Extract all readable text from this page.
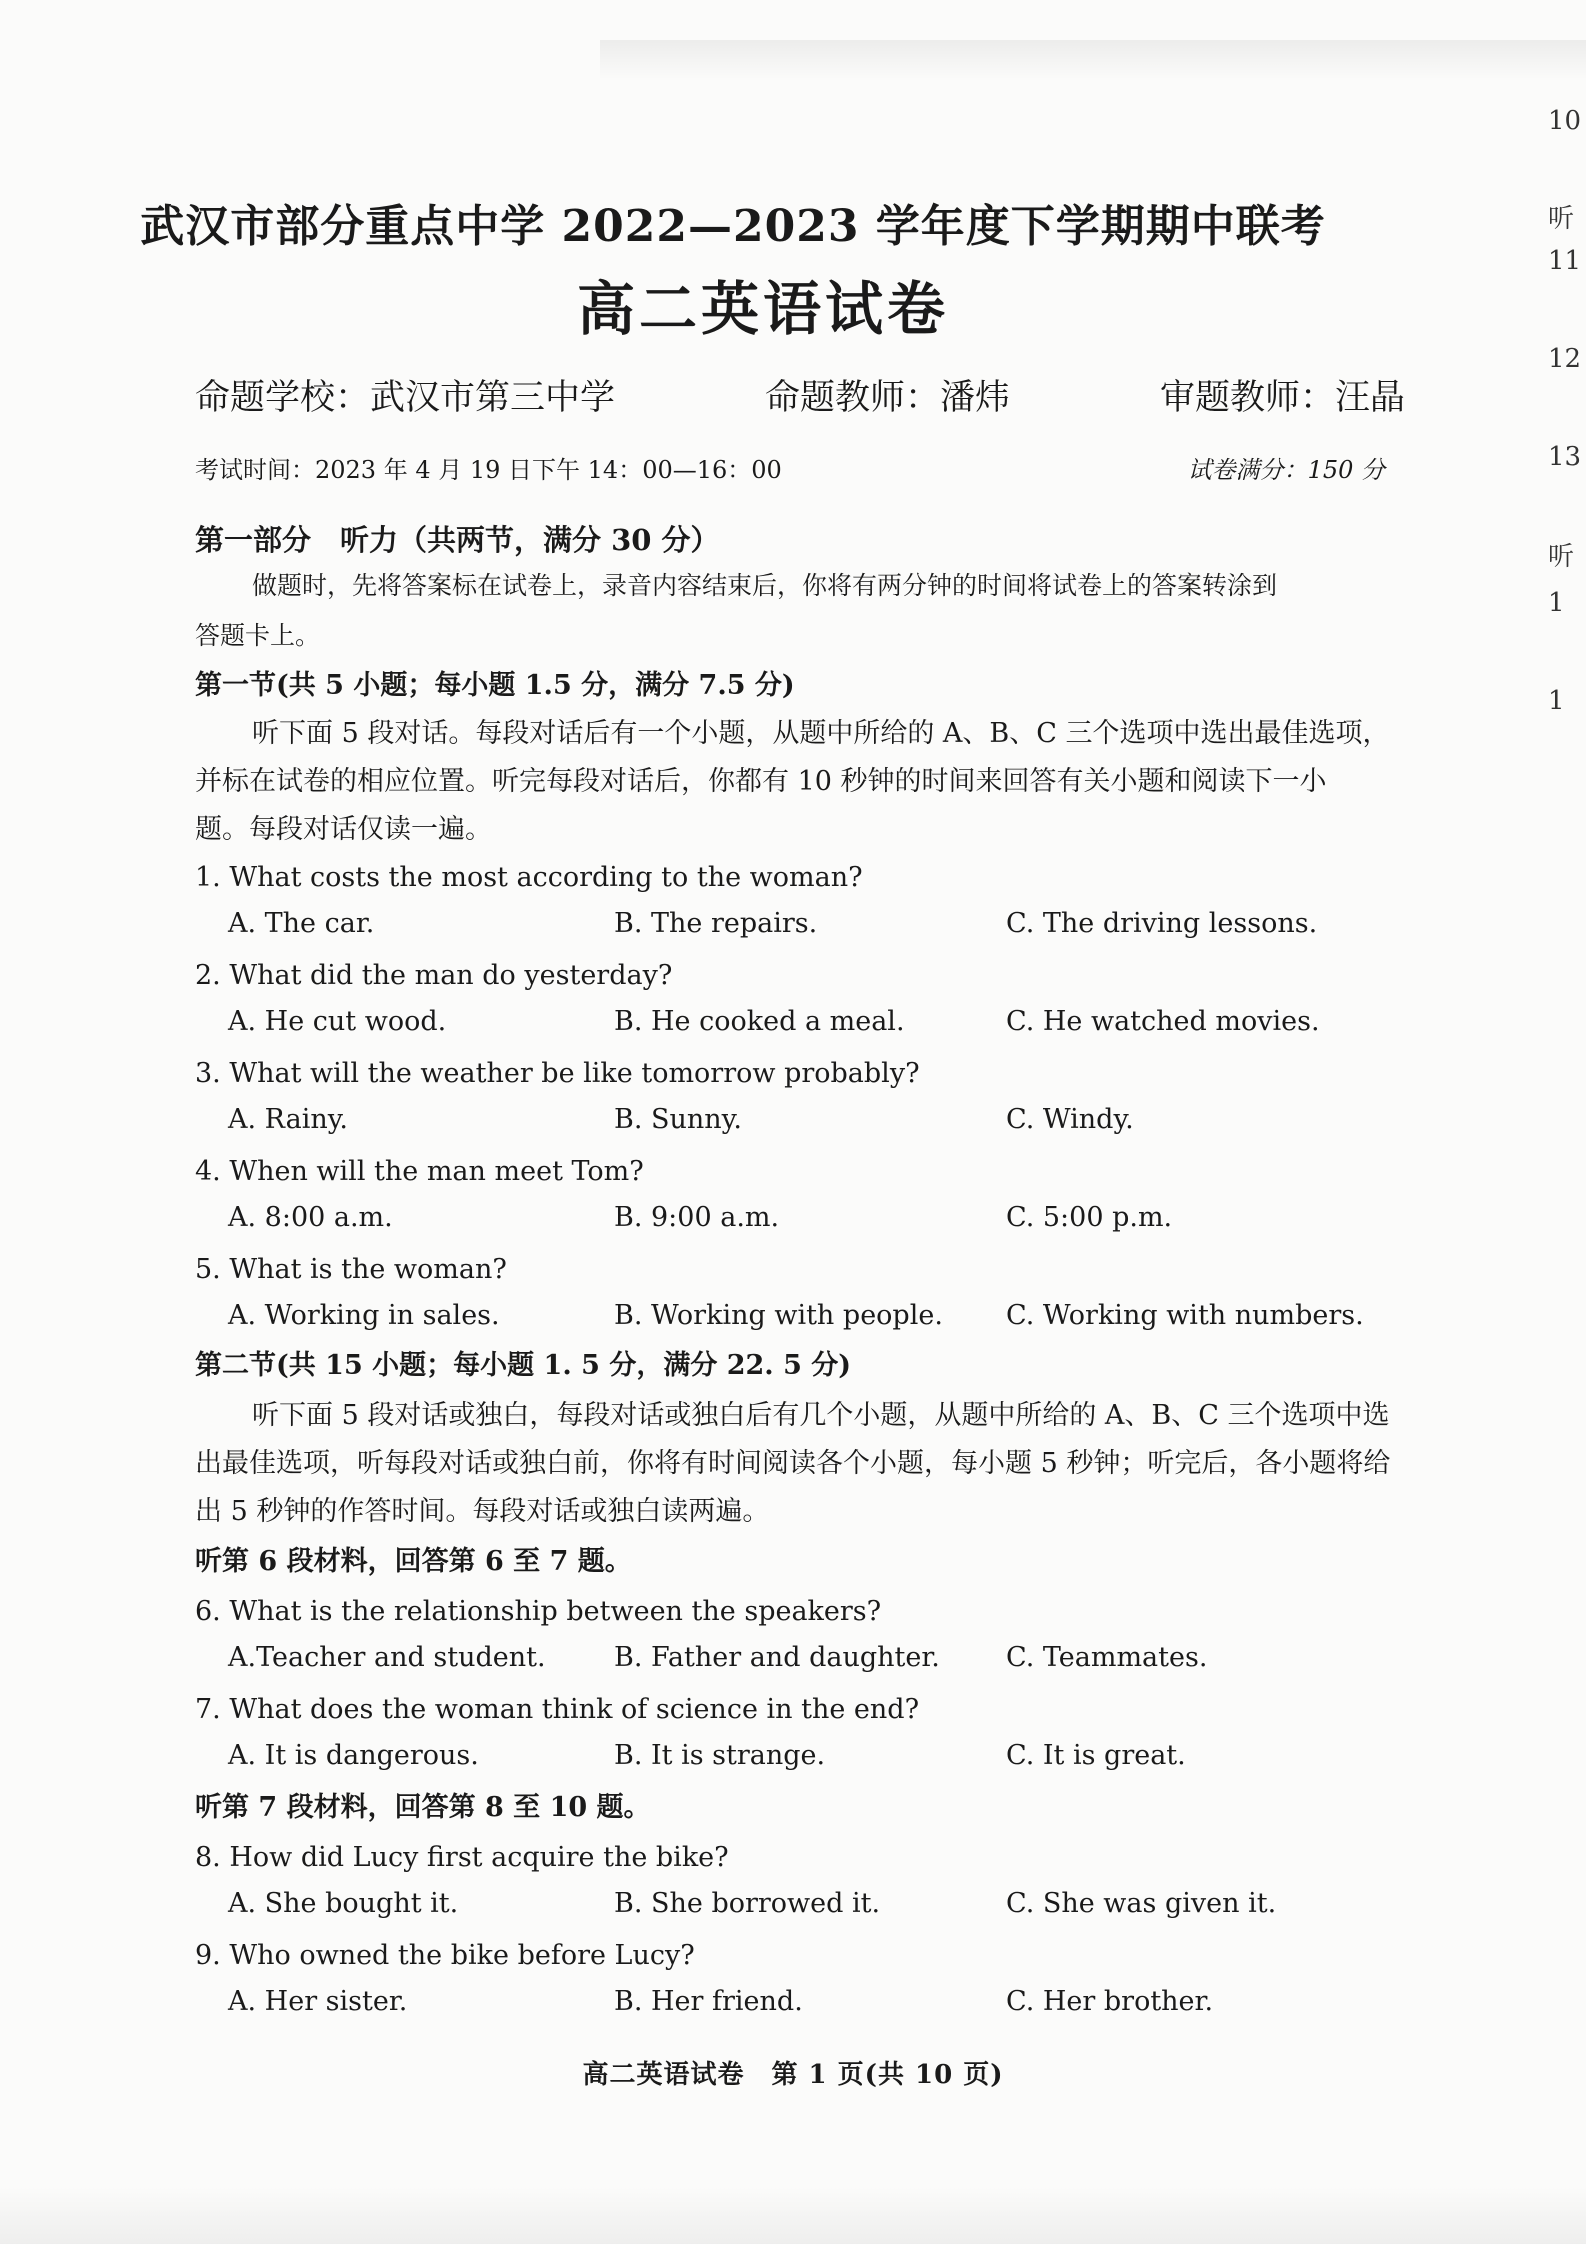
10
听
11
12
13
听
1
1
武汉市部分重点中学 2022—2023 学年度下学期期中联考
高二英语试卷
命题学校：武汉市第三中学	命题教师：潘炜	审题教师：汪晶
考试时间：2023 年 4 月 19 日下午 14：00—16：00	试卷满分：150 分
第一部分　听力（共两节，满分 30 分）
做题时，先将答案标在试卷上，录音内容结束后，你将有两分钟的时间将试卷上的答案转涂到
答题卡上。
第一节(共 5 小题；每小题 1.5 分，满分 7.5 分)
听下面 5 段对话。每段对话后有一个小题，从题中所给的 A、B、C 三个选项中选出最佳选项，
并标在试卷的相应位置。听完每段对话后，你都有 10 秒钟的时间来回答有关小题和阅读下一小
题。每段对话仅读一遍。
1. What costs the most according to the woman?
A. The car.	B. The repairs.	C. The driving lessons.
2. What did the man do yesterday?
A. He cut wood.	B. He cooked a meal.	C. He watched movies.
3. What will the weather be like tomorrow probably?
A. Rainy.	B. Sunny.	C. Windy.
4. When will the man meet Tom?
A. 8:00 a.m.	B. 9:00 a.m.	C. 5:00 p.m.
5. What is the woman?
A. Working in sales.	B. Working with people. C. Working with numbers.
第二节(共 15 小题；每小题 1. 5 分，满分 22. 5 分)
听下面 5 段对话或独白，每段对话或独白后有几个小题，从题中所给的 A、B、C 三个选项中选
出最佳选项，听每段对话或独白前，你将有时间阅读各个小题，每小题 5 秒钟；听完后，各小题将给
出 5 秒钟的作答时间。每段对话或独白读两遍。
听第 6 段材料，回答第 6 至 7 题。
6. What is the relationship between the speakers?
A.Teacher and student.	B. Father and daughter. C. Teammates.
7. What does the woman think of science in the end?
A. It is dangerous.	B. It is strange.	C. It is great.
听第 7 段材料，回答第 8 至 10 题。
8. How did Lucy first acquire the bike?
A. She bought it.	B. She borrowed it.	C. She was given it.
9. Who owned the bike before Lucy?
A. Her sister.	B. Her friend.	C. Her brother.
高二英语试卷　第 1 页(共 10 页)
